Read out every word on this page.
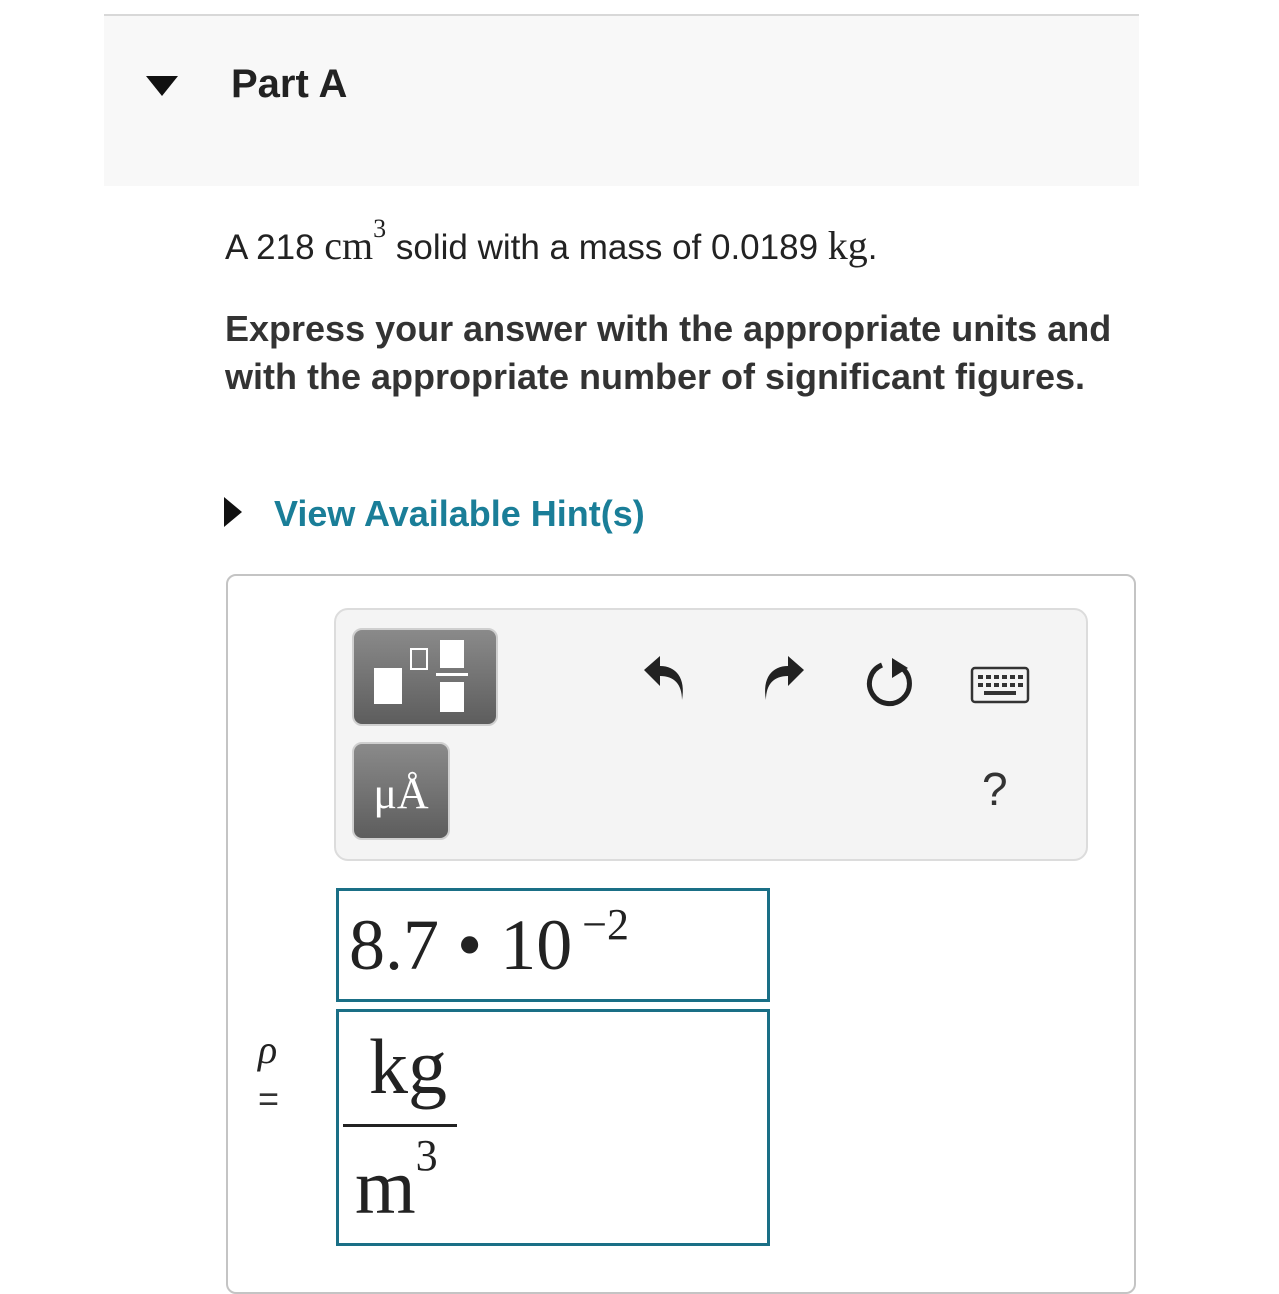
Part A
A 218 $cm^3$ solid with a mass of 0.0189 kg.
Express your answer with the appropriate units and with the appropriate number of significant figures.
View Available Hint(s)
μÅ	?
8.7 • 10 $^{-2}$
kg
$m^3$
ρ
=
